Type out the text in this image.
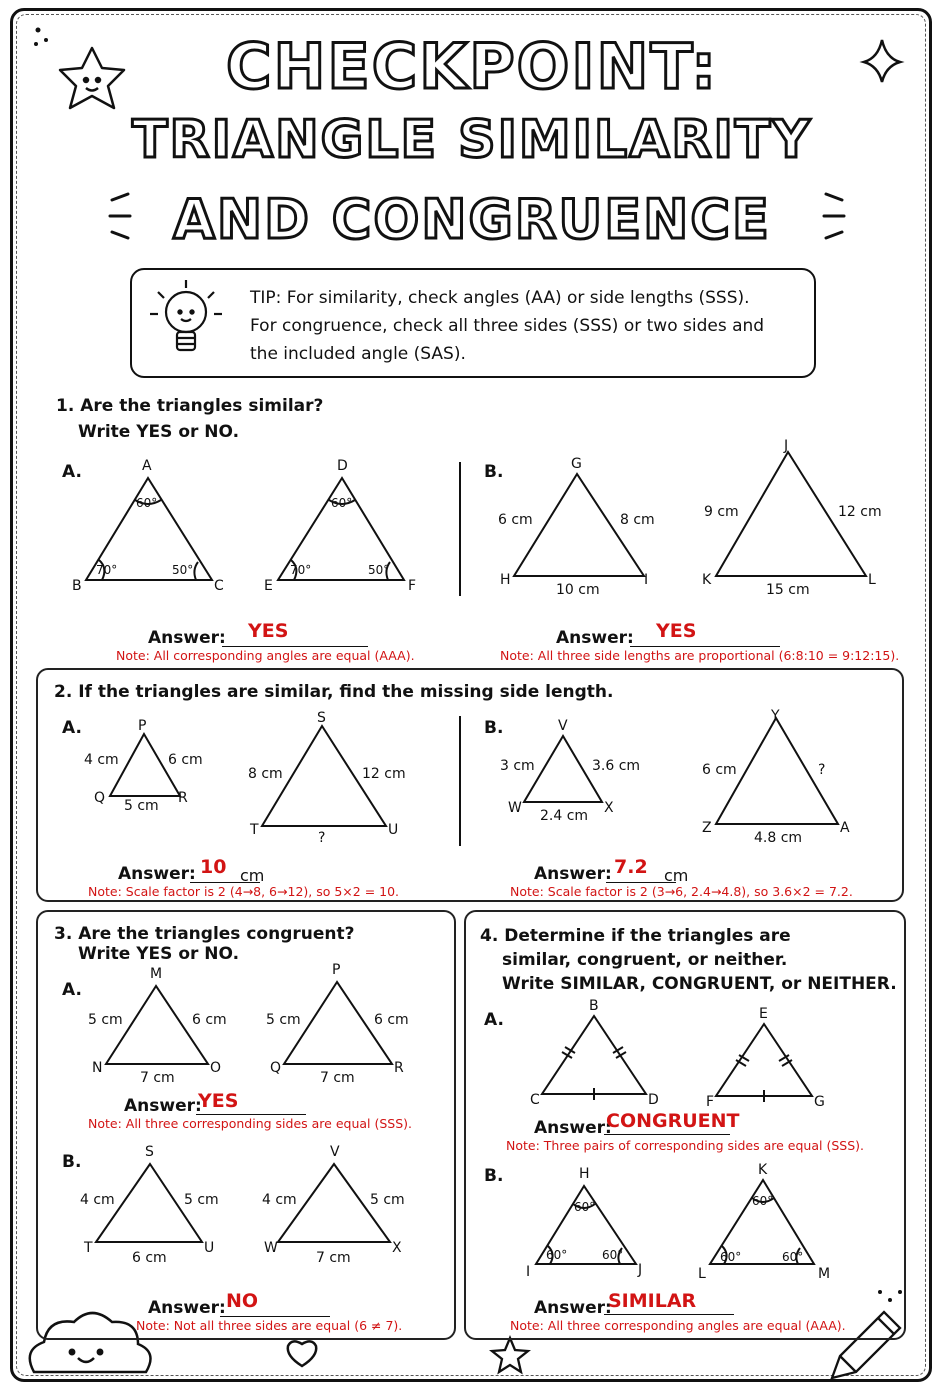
CHECKPOINT:
TRIANGLE SIMILARITY
AND CONGRUENCE
TIP: For similarity, check angles (AA) or side lengths (SSS).
For congruence, check all three sides (SSS) or two sides and
the included angle (SAS).
1. Are the triangles similar?
Write YES or NO.
A.	A
B	C
60°
70°	50°
D
E	F
60°
70°	50°
Answer: YES
Note: All corresponding angles are equal (AAA).
B.	G
H	I
6 cm	8 cm
10 cm
J
K	L
9 cm	12 cm
15 cm
Answer: YES
Note: All three side lengths are proportional (6:8:10 = 9:12:15).
2. If the triangles are similar, find the missing side length.
A.	P
Q	R
4 cm	6 cm
5 cm
S
T	U
8 cm	12 cm
?
Answer: 10 cm
Note: Scale factor is 2 (4→8, 6→12), so 5×2 = 10.
B.	V
W	X
3 cm	3.6 cm
2.4 cm
Y
Z	A
6 cm	?
4.8 cm
Answer: 7.2 cm
Note: Scale factor is 2 (3→6, 2.4→4.8), so 3.6×2 = 7.2.
3. Are the triangles congruent?
Write YES or NO.
A.
M
N	O
5 cm	6 cm
7 cm
P
Q	R
5 cm	6 cm
7 cm
Answer:
YES
Note: All three corresponding sides are equal (SSS).
B.	S
T	U
4 cm	5 cm
6 cm
V
W	X
4 cm	5 cm
7 cm
Answer: NO
Note: Not all three sides are equal (6 ≠ 7).
4. Determine if the triangles are
similar, congruent, or neither.
Write SIMILAR, CONGRUENT, or NEITHER.
A.
B
C	D
E
F	G
Answer:
CONGRUENT
Note: Three pairs of corresponding sides are equal (SSS).
B.	H
I	J
60°
60°	60°
K
L	M
60°
60°	60°
Answer:
SIMILAR
Note: All three corresponding angles are equal (AAA).
